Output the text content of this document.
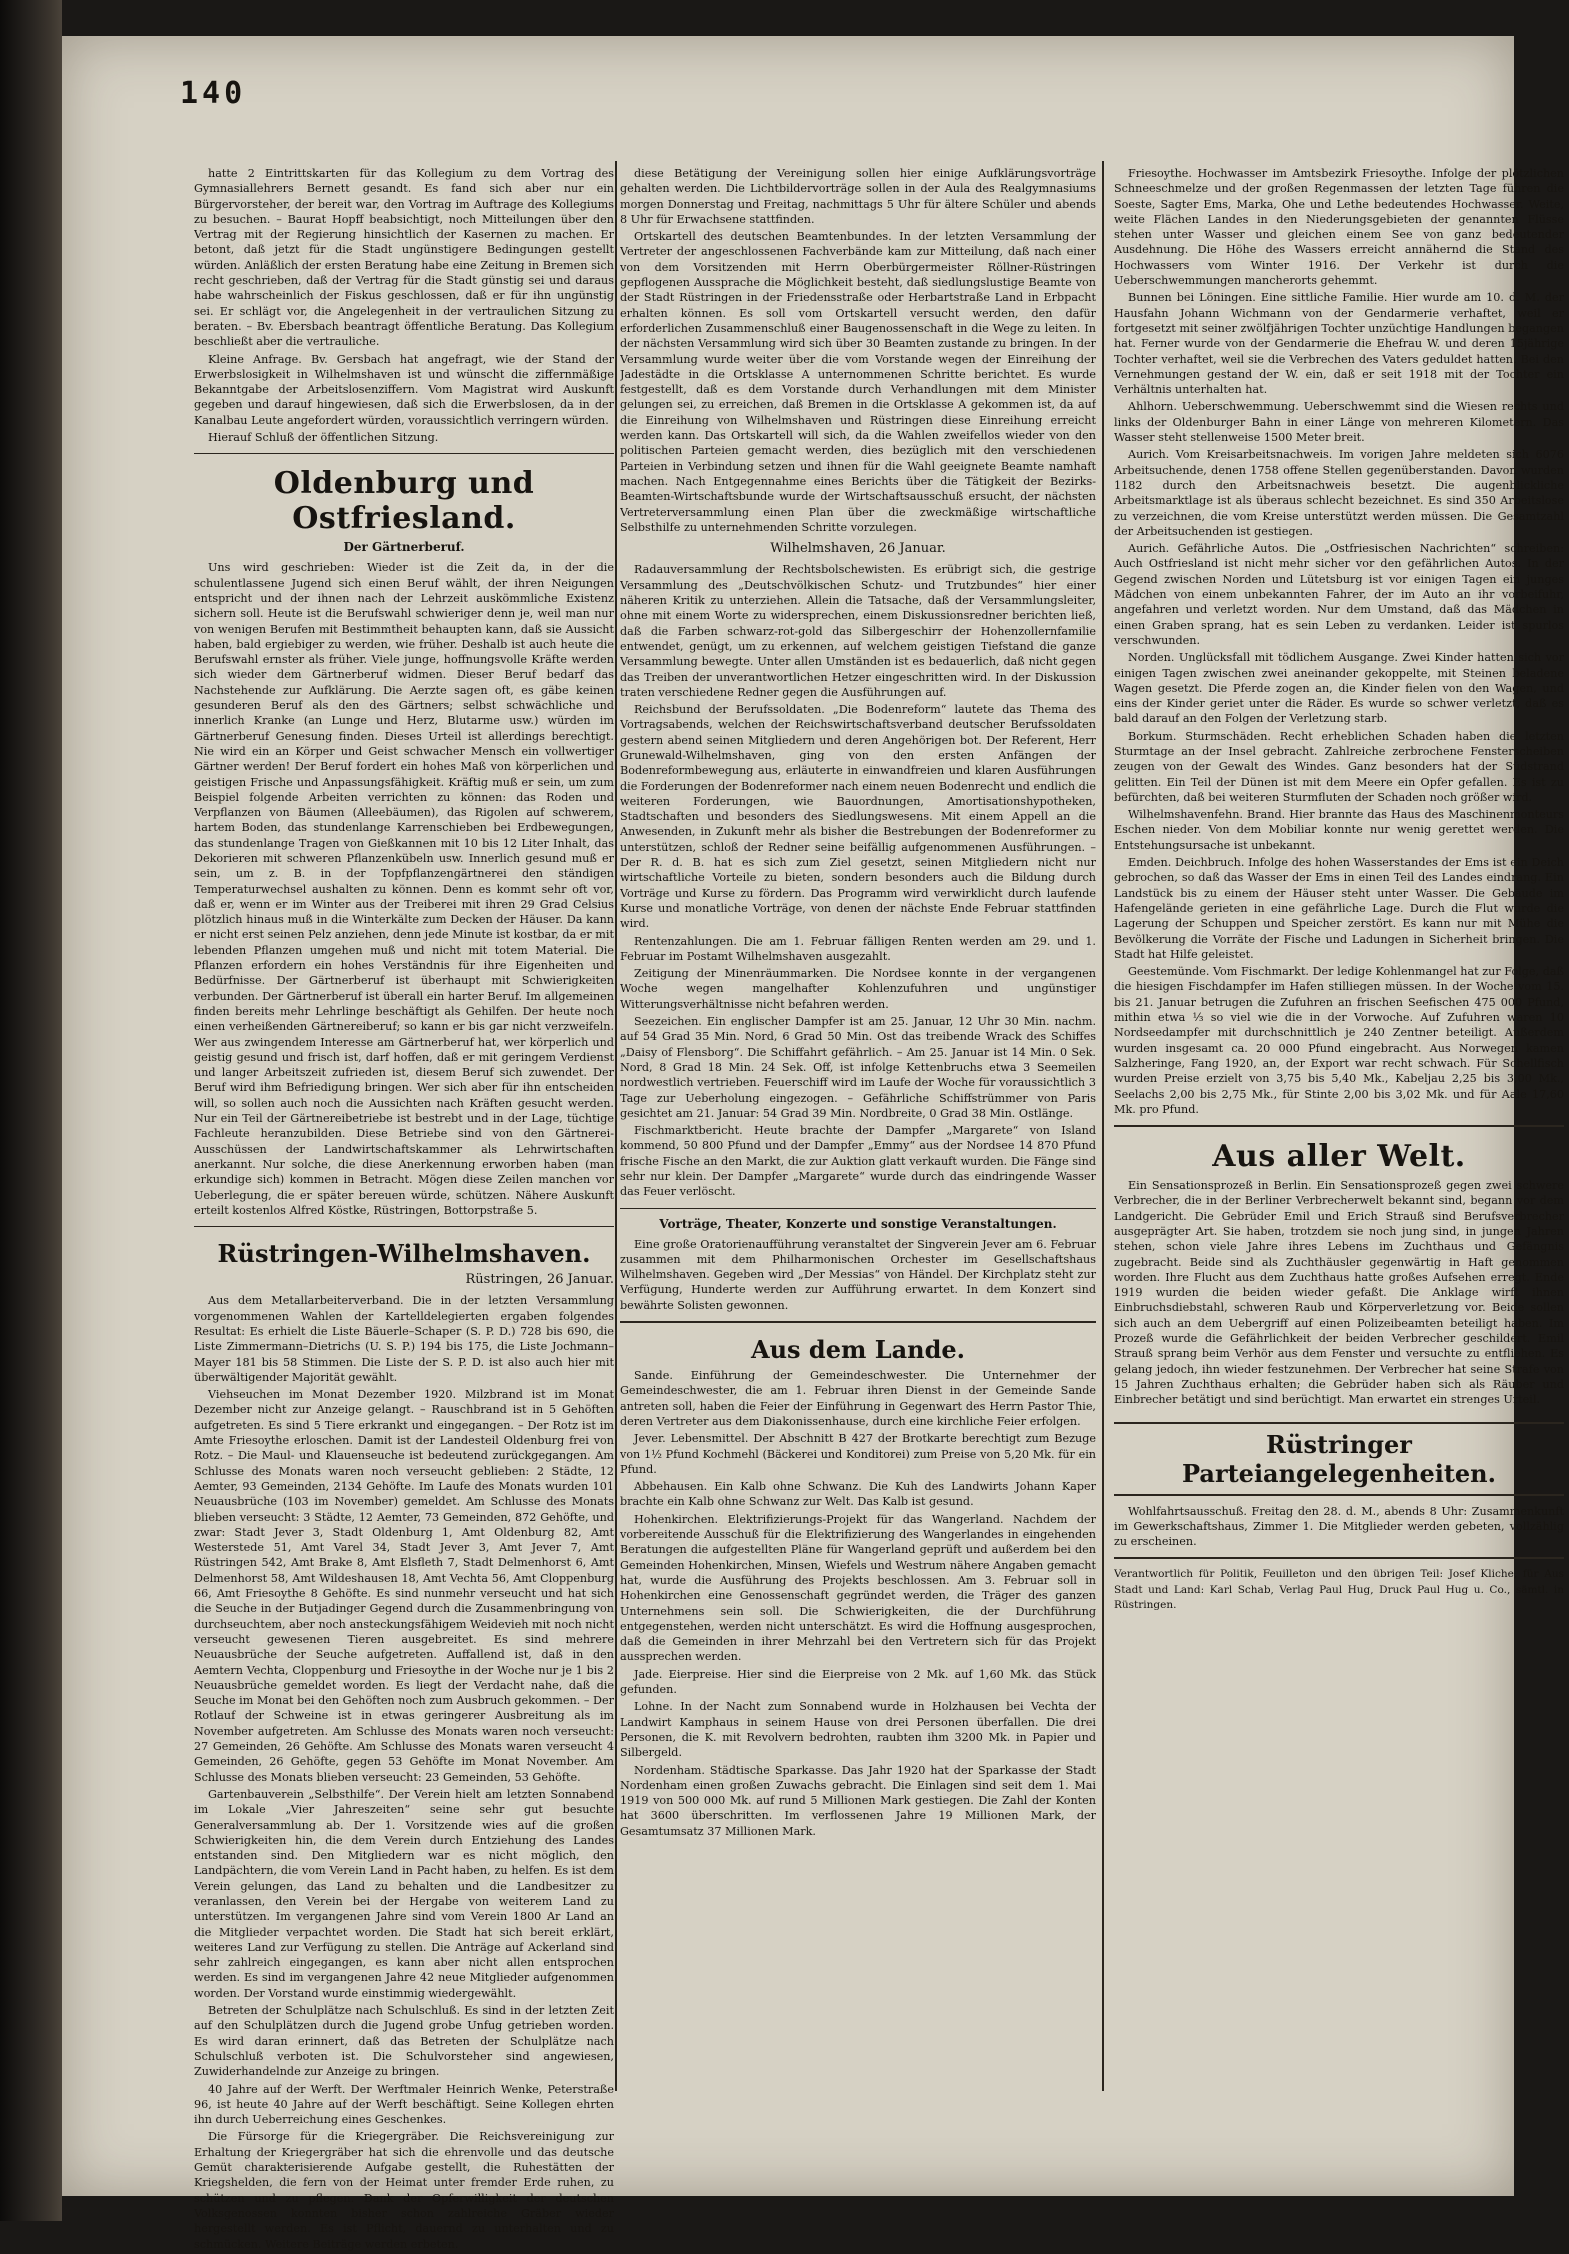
140

hatte 2 Eintrittskarten für das Kollegium zu dem Vortrag des Gymnasiallehrers Bernett gesandt. Es fand sich aber nur ein Bürgervorsteher, der bereit war, den Vortrag im Auftrage des Kollegiums zu besuchen. – Baurat Hopff beabsichtigt, noch Mitteilungen über den Vertrag mit der Regierung hinsichtlich der Kasernen zu machen. Er betont, daß jetzt für die Stadt ungünstigere Bedingungen gestellt würden. Anläßlich der ersten Beratung habe eine Zeitung in Bremen sich recht geschrieben, daß der Vertrag für die Stadt günstig sei und daraus habe wahrscheinlich der Fiskus geschlossen, daß er für ihn ungünstig sei. Er schlägt vor, die Angelegenheit in der vertraulichen Sitzung zu beraten. – Bv. Ebersbach beantragt öffentliche Beratung. Das Kollegium beschließt aber die vertrauliche.

Kleine Anfrage. Bv. Gersbach hat angefragt, wie der Stand der Erwerbslosigkeit in Wilhelmshaven ist und wünscht die ziffernmäßige Bekanntgabe der Arbeitslosenziffern. Vom Magistrat wird Auskunft gegeben und darauf hingewiesen, daß sich die Erwerbslosen, da in der Kanalbau Leute angefordert würden, voraussichtlich verringern würden.

Hierauf Schluß der öffentlichen Sitzung.

Oldenburg und Ostfriesland.
Der Gärtnerberuf.

Uns wird geschrieben: Wieder ist die Zeit da, in der die schulentlassene Jugend sich einen Beruf wählt, der ihren Neigungen entspricht und der ihnen nach der Lehrzeit auskömmliche Existenz sichern soll. Heute ist die Berufswahl schwieriger denn je, weil man nur von wenigen Berufen mit Bestimmtheit behaupten kann, daß sie Aussicht haben, bald ergiebiger zu werden, wie früher. Deshalb ist auch heute die Berufswahl ernster als früher. Viele junge, hoffnungsvolle Kräfte werden sich wieder dem Gärtnerberuf widmen. Dieser Beruf bedarf das Nachstehende zur Aufklärung. Die Aerzte sagen oft, es gäbe keinen gesunderen Beruf als den des Gärtners; selbst schwächliche und innerlich Kranke (an Lunge und Herz, Blutarme usw.) würden im Gärtnerberuf Genesung finden. Dieses Urteil ist allerdings berechtigt. Nie wird ein an Körper und Geist schwacher Mensch ein vollwertiger Gärtner werden! Der Beruf fordert ein hohes Maß von körperlichen und geistigen Frische und Anpassungsfähigkeit. Kräftig muß er sein, um zum Beispiel folgende Arbeiten verrichten zu können: das Roden und Verpflanzen von Bäumen (Alleebäumen), das Rigolen auf schwerem, hartem Boden, das stundenlange Karrenschieben bei Erdbewegungen, das stundenlange Tragen von Gießkannen mit 10 bis 12 Liter Inhalt, das Dekorieren mit schweren Pflanzenkübeln usw. Innerlich gesund muß er sein, um z. B. in der Topfpflanzengärtnerei den ständigen Temperaturwechsel aushalten zu können. Denn es kommt sehr oft vor, daß er, wenn er im Winter aus der Treiberei mit ihren 29 Grad Celsius plötzlich hinaus muß in die Winterkälte zum Decken der Häuser. Da kann er nicht erst seinen Pelz anziehen, denn jede Minute ist kostbar, da er mit lebenden Pflanzen umgehen muß und nicht mit totem Material. Die Pflanzen erfordern ein hohes Verständnis für ihre Eigenheiten und Bedürfnisse. Der Gärtnerberuf ist überhaupt mit Schwierigkeiten verbunden. Der Gärtnerberuf ist überall ein harter Beruf. Im allgemeinen finden bereits mehr Lehrlinge beschäftigt als Gehilfen. Der heute noch einen verheißenden Gärtnereiberuf; so kann er bis gar nicht verzweifeln. Wer aus zwingendem Interesse am Gärtnerberuf hat, wer körperlich und geistig gesund und frisch ist, darf hoffen, daß er mit geringem Verdienst und langer Arbeitszeit zufrieden ist, diesem Beruf sich zuwendet. Der Beruf wird ihm Befriedigung bringen. Wer sich aber für ihn entscheiden will, so sollen auch noch die Aussichten nach Kräften gesucht werden. Nur ein Teil der Gärtnereibetriebe ist bestrebt und in der Lage, tüchtige Fachleute heranzubilden. Diese Betriebe sind von den Gärtnerei-Ausschüssen der Landwirtschaftskammer als Lehrwirtschaften anerkannt. Nur solche, die diese Anerkennung erworben haben (man erkundige sich) kommen in Betracht. Mögen diese Zeilen manchen vor Ueberlegung, die er später bereuen würde, schützen. Nähere Auskunft erteilt kostenlos Alfred Köstke, Rüstringen, Bottorpstraße 5.

Rüstringen-Wilhelmshaven.
Rüstringen, 26 Januar.

Aus dem Metallarbeiterverband. Die in der letzten Versammlung vorgenommenen Wahlen der Kartelldelegierten ergaben folgendes Resultat: Es erhielt die Liste Bäuerle–Schaper (S. P. D.) 728 bis 690, die Liste Zimmermann–Dietrichs (U. S. P.) 194 bis 175, die Liste Jochmann–Mayer 181 bis 58 Stimmen. Die Liste der S. P. D. ist also auch hier mit überwältigender Majorität gewählt.

Viehseuchen im Monat Dezember 1920. Milzbrand ist im Monat Dezember nicht zur Anzeige gelangt. – Rauschbrand ist in 5 Gehöften aufgetreten. Es sind 5 Tiere erkrankt und eingegangen. – Der Rotz ist im Amte Friesoythe erloschen. Damit ist der Landesteil Oldenburg frei von Rotz. – Die Maul- und Klauenseuche ist bedeutend zurückgegangen. Am Schlusse des Monats waren noch verseucht geblieben: 2 Städte, 12 Aemter, 93 Gemeinden, 2134 Gehöfte. Im Laufe des Monats wurden 101 Neuausbrüche (103 im November) gemeldet. Am Schlusse des Monats blieben verseucht: 3 Städte, 12 Aemter, 73 Gemeinden, 872 Gehöfte, und zwar: Stadt Jever 3, Stadt Oldenburg 1, Amt Oldenburg 82, Amt Westerstede 51, Amt Varel 34, Stadt Jever 3, Amt Jever 7, Amt Rüstringen 542, Amt Brake 8, Amt Elsfleth 7, Stadt Delmenhorst 6, Amt Delmenhorst 58, Amt Wildeshausen 18, Amt Vechta 56, Amt Cloppenburg 66, Amt Friesoythe 8 Gehöfte. Es sind nunmehr verseucht und hat sich die Seuche in der Butjadinger Gegend durch die Zusammenbringung von durchseuchtem, aber noch ansteckungsfähigem Weidevieh mit noch nicht verseucht gewesenen Tieren ausgebreitet. Es sind mehrere Neuausbrüche der Seuche aufgetreten. Auffallend ist, daß in den Aemtern Vechta, Cloppenburg und Friesoythe in der Woche nur je 1 bis 2 Neuausbrüche gemeldet worden. Es liegt der Verdacht nahe, daß die Seuche im Monat bei den Gehöften noch zum Ausbruch gekommen. – Der Rotlauf der Schweine ist in etwas geringerer Ausbreitung als im November aufgetreten. Am Schlusse des Monats waren noch verseucht: 27 Gemeinden, 26 Gehöfte. Am Schlusse des Monats waren verseucht 4 Gemeinden, 26 Gehöfte, gegen 53 Gehöfte im Monat November. Am Schlusse des Monats blieben verseucht: 23 Gemeinden, 53 Gehöfte.

Gartenbauverein „Selbsthilfe“. Der Verein hielt am letzten Sonnabend im Lokale „Vier Jahreszeiten“ seine sehr gut besuchte Generalversammlung ab. Der 1. Vorsitzende wies auf die großen Schwierigkeiten hin, die dem Verein durch Entziehung des Landes entstanden sind. Den Mitgliedern war es nicht möglich, den Landpächtern, die vom Verein Land in Pacht haben, zu helfen. Es ist dem Verein gelungen, das Land zu behalten und die Landbesitzer zu veranlassen, den Verein bei der Hergabe von weiterem Land zu unterstützen. Im vergangenen Jahre sind vom Verein 1800 Ar Land an die Mitglieder verpachtet worden. Die Stadt hat sich bereit erklärt, weiteres Land zur Verfügung zu stellen. Die Anträge auf Ackerland sind sehr zahlreich eingegangen, es kann aber nicht allen entsprochen werden. Es sind im vergangenen Jahre 42 neue Mitglieder aufgenommen worden. Der Vorstand wurde einstimmig wiedergewählt.

Betreten der Schulplätze nach Schulschluß. Es sind in der letzten Zeit auf den Schulplätzen durch die Jugend grobe Unfug getrieben worden. Es wird daran erinnert, daß das Betreten der Schulplätze nach Schulschluß verboten ist. Die Schulvorsteher sind angewiesen, Zuwiderhandelnde zur Anzeige zu bringen.

40 Jahre auf der Werft. Der Werftmaler Heinrich Wenke, Peterstraße 96, ist heute 40 Jahre auf der Werft beschäftigt. Seine Kollegen ehrten ihn durch Ueberreichung eines Geschenkes.

Die Fürsorge für die Kriegergräber. Die Reichsvereinigung zur Erhaltung der Kriegergräber hat sich die ehrenvolle und das deutsche Gemüt charakterisierende Aufgabe gestellt, die Ruhestätten der Kriegshelden, die fern von der Heimat unter fremder Erde ruhen, zu schützen und zu pflegen. Dank der Opferwilligkeit der deutschen Volksgenossen konnten bisher schon zahlreiche Gräber wieder hergestellt werden. Es ist Pflicht, dauernd zu unterhalten und zu schmücken. Weitere Beiträge werden erbeten.

diese Betätigung der Vereinigung sollen hier einige Aufklärungsvorträge gehalten werden. Die Lichtbildervorträge sollen in der Aula des Realgymnasiums morgen Donnerstag und Freitag, nachmittags 5 Uhr für ältere Schüler und abends 8 Uhr für Erwachsene stattfinden.

Ortskartell des deutschen Beamtenbundes. In der letzten Versammlung der Vertreter der angeschlossenen Fachverbände kam zur Mitteilung, daß nach einer von dem Vorsitzenden mit Herrn Oberbürgermeister Röllner-Rüstringen gepflogenen Aussprache die Möglichkeit besteht, daß siedlungslustige Beamte von der Stadt Rüstringen in der Friedensstraße oder Herbartstraße Land in Erbpacht erhalten können. Es soll vom Ortskartell versucht werden, den dafür erforderlichen Zusammenschluß einer Baugenossenschaft in die Wege zu leiten. In der nächsten Versammlung wird sich über 30 Beamten zustande zu bringen. In der Versammlung wurde weiter über die vom Vorstande wegen der Einreihung der Jadestädte in die Ortsklasse A unternommenen Schritte berichtet. Es wurde festgestellt, daß es dem Vorstande durch Verhandlungen mit dem Minister gelungen sei, zu erreichen, daß Bremen in die Ortsklasse A gekommen ist, da auf die Einreihung von Wilhelmshaven und Rüstringen diese Einreihung erreicht werden kann. Das Ortskartell will sich, da die Wahlen zweifellos wieder von den politischen Parteien gemacht werden, dies bezüglich mit den verschiedenen Parteien in Verbindung setzen und ihnen für die Wahl geeignete Beamte namhaft machen. Nach Entgegennahme eines Berichts über die Tätigkeit der Bezirks-Beamten-Wirtschaftsbunde wurde der Wirtschaftsausschuß ersucht, der nächsten Vertreterversammlung einen Plan über die zweckmäßige wirtschaftliche Selbsthilfe zu unternehmenden Schritte vorzulegen.

Wilhelmshaven, 26 Januar.

Radauversammlung der Rechtsbolschewisten. Es erübrigt sich, die gestrige Versammlung des „Deutschvölkischen Schutz- und Trutzbundes“ hier einer näheren Kritik zu unterziehen. Allein die Tatsache, daß der Versammlungsleiter, ohne mit einem Worte zu widersprechen, einem Diskussionsredner berichten ließ, daß die Farben schwarz-rot-gold das Silbergeschirr der Hohenzollernfamilie entwendet, genügt, um zu erkennen, auf welchem geistigen Tiefstand die ganze Versammlung bewegte. Unter allen Umständen ist es bedauerlich, daß nicht gegen das Treiben der unverantwortlichen Hetzer eingeschritten wird. In der Diskussion traten verschiedene Redner gegen die Ausführungen auf.

Reichsbund der Berufssoldaten. „Die Bodenreform“ lautete das Thema des Vortragsabends, welchen der Reichswirtschaftsverband deutscher Berufssoldaten gestern abend seinen Mitgliedern und deren Angehörigen bot. Der Referent, Herr Grunewald-Wilhelmshaven, ging von den ersten Anfängen der Bodenreformbewegung aus, erläuterte in einwandfreien und klaren Ausführungen die Forderungen der Bodenreformer nach einem neuen Bodenrecht und endlich die weiteren Forderungen, wie Bauordnungen, Amortisationshypotheken, Stadtschaften und besonders des Siedlungswesens. Mit einem Appell an die Anwesenden, in Zukunft mehr als bisher die Bestrebungen der Bodenreformer zu unterstützen, schloß der Redner seine beifällig aufgenommenen Ausführungen. – Der R. d. B. hat es sich zum Ziel gesetzt, seinen Mitgliedern nicht nur wirtschaftliche Vorteile zu bieten, sondern besonders auch die Bildung durch Vorträge und Kurse zu fördern. Das Programm wird verwirklicht durch laufende Kurse und monatliche Vorträge, von denen der nächste Ende Februar stattfinden wird.

Rentenzahlungen. Die am 1. Februar fälligen Renten werden am 29. und 1. Februar im Postamt Wilhelmshaven ausgezahlt.

Zeitigung der Minenräummarken. Die Nordsee konnte in der vergangenen Woche wegen mangelhafter Kohlenzufuhren und ungünstiger Witterungsverhältnisse nicht befahren werden.

Seezeichen. Ein englischer Dampfer ist am 25. Januar, 12 Uhr 30 Min. nachm. auf 54 Grad 35 Min. Nord, 6 Grad 50 Min. Ost das treibende Wrack des Schiffes „Daisy of Flensborg“. Die Schiffahrt gefährlich. – Am 25. Januar ist 14 Min. 0 Sek. Nord, 8 Grad 18 Min. 24 Sek. Off, ist infolge Kettenbruchs etwa 3 Seemeilen nordwestlich vertrieben. Feuerschiff wird im Laufe der Woche für voraussichtlich 3 Tage zur Ueberholung eingezogen. – Gefährliche Schiffstrümmer von Paris gesichtet am 21. Januar: 54 Grad 39 Min. Nordbreite, 0 Grad 38 Min. Ostlänge.

Fischmarktbericht. Heute brachte der Dampfer „Margarete“ von Island kommend, 50 800 Pfund und der Dampfer „Emmy“ aus der Nordsee 14 870 Pfund frische Fische an den Markt, die zur Auktion glatt verkauft wurden. Die Fänge sind sehr nur klein. Der Dampfer „Margarete“ wurde durch das eindringende Wasser das Feuer verlöscht.

Vorträge, Theater, Konzerte und sonstige Veranstaltungen.

Eine große Oratorienaufführung veranstaltet der Singverein Jever am 6. Februar zusammen mit dem Philharmonischen Orchester im Gesellschaftshaus Wilhelmshaven. Gegeben wird „Der Messias“ von Händel. Der Kirchplatz steht zur Verfügung, Hunderte werden zur Aufführung erwartet. In dem Konzert sind bewährte Solisten gewonnen.

Aus dem Lande.

Sande. Einführung der Gemeindeschwester. Die Unternehmer der Gemeindeschwester, die am 1. Februar ihren Dienst in der Gemeinde Sande antreten soll, haben die Feier der Einführung in Gegenwart des Herrn Pastor Thie, deren Vertreter aus dem Diakonissenhause, durch eine kirchliche Feier erfolgen.

Jever. Lebensmittel. Der Abschnitt B 427 der Brotkarte berechtigt zum Bezuge von 1½ Pfund Kochmehl (Bäckerei und Konditorei) zum Preise von 5,20 Mk. für ein Pfund.

Abbehausen. Ein Kalb ohne Schwanz. Die Kuh des Landwirts Johann Kaper brachte ein Kalb ohne Schwanz zur Welt. Das Kalb ist gesund.

Hohenkirchen. Elektrifizierungs-Projekt für das Wangerland. Nachdem der vorbereitende Ausschuß für die Elektrifizierung des Wangerlandes in eingehenden Beratungen die aufgestellten Pläne für Wangerland geprüft und außerdem bei den Gemeinden Hohenkirchen, Minsen, Wiefels und Westrum nähere Angaben gemacht hat, wurde die Ausführung des Projekts beschlossen. Am 3. Februar soll in Hohenkirchen eine Genossenschaft gegründet werden, die Träger des ganzen Unternehmens sein soll. Die Schwierigkeiten, die der Durchführung entgegenstehen, werden nicht unterschätzt. Es wird die Hoffnung ausgesprochen, daß die Gemeinden in ihrer Mehrzahl bei den Vertretern sich für das Projekt aussprechen werden.

Jade. Eierpreise. Hier sind die Eierpreise von 2 Mk. auf 1,60 Mk. das Stück gefunden.

Lohne. In der Nacht zum Sonnabend wurde in Holzhausen bei Vechta der Landwirt Kamphaus in seinem Hause von drei Personen überfallen. Die drei Personen, die K. mit Revolvern bedrohten, raubten ihm 3200 Mk. in Papier und Silbergeld.

Nordenham. Städtische Sparkasse. Das Jahr 1920 hat der Sparkasse der Stadt Nordenham einen großen Zuwachs gebracht. Die Einlagen sind seit dem 1. Mai 1919 von 500 000 Mk. auf rund 5 Millionen Mark gestiegen. Die Zahl der Konten hat 3600 überschritten. Im verflossenen Jahre 19 Millionen Mark, der Gesamtumsatz 37 Millionen Mark.

Friesoythe. Hochwasser im Amtsbezirk Friesoythe. Infolge der plötzlichen Schneeschmelze und der großen Regenmassen der letzten Tage führen die Soeste, Sagter Ems, Marka, Ohe und Lethe bedeutendes Hochwasser. Weite, weite Flächen Landes in den Niederungsgebieten der genannten Flüsse stehen unter Wasser und gleichen einem See von ganz bedeutender Ausdehnung. Die Höhe des Wassers erreicht annähernd die Stand des Hochwassers vom Winter 1916. Der Verkehr ist durch die Ueberschwemmungen mancherorts gehemmt.

Bunnen bei Löningen. Eine sittliche Familie. Hier wurde am 10. d. M. der Hausfahn Johann Wichmann von der Gendarmerie verhaftet, weil er fortgesetzt mit seiner zwölfjährigen Tochter unzüchtige Handlungen begangen hat. Ferner wurde von der Gendarmerie die Ehefrau W. und deren 15jährige Tochter verhaftet, weil sie die Verbrechen des Vaters geduldet hatten. Bei den Vernehmungen gestand der W. ein, daß er seit 1918 mit der Tochter ein Verhältnis unterhalten hat.

Ahlhorn. Ueberschwemmung. Ueberschwemmt sind die Wiesen rechts und links der Oldenburger Bahn in einer Länge von mehreren Kilometern. Das Wasser steht stellenweise 1500 Meter breit.

Aurich. Vom Kreisarbeitsnachweis. Im vorigen Jahre meldeten sich 6076 Arbeitsuchende, denen 1758 offene Stellen gegenüberstanden. Davon wurden 1182 durch den Arbeitsnachweis besetzt. Die augenblickliche Arbeitsmarktlage ist als überaus schlecht bezeichnet. Es sind 350 Arbeitslose zu verzeichnen, die vom Kreise unterstützt werden müssen. Die Gesamtzahl der Arbeitsuchenden ist gestiegen.

Aurich. Gefährliche Autos. Die „Ostfriesischen Nachrichten“ schreiben: Auch Ostfriesland ist nicht mehr sicher vor den gefährlichen Autos. In der Gegend zwischen Norden und Lütetsburg ist vor einigen Tagen ein junges Mädchen von einem unbekannten Fahrer, der im Auto an ihr vorbeifuhr, angefahren und verletzt worden. Nur dem Umstand, daß das Mädchen in einen Graben sprang, hat es sein Leben zu verdanken. Leider ist spurlos verschwunden.

Norden. Unglücksfall mit tödlichem Ausgange. Zwei Kinder hatten sich vor einigen Tagen zwischen zwei aneinander gekoppelte, mit Steinen beladene Wagen gesetzt. Die Pferde zogen an, die Kinder fielen von den Wagen, und eins der Kinder geriet unter die Räder. Es wurde so schwer verletzt, daß es bald darauf an den Folgen der Verletzung starb.

Borkum. Sturmschäden. Recht erheblichen Schaden haben die letzten Sturmtage an der Insel gebracht. Zahlreiche zerbrochene Fensterscheiben zeugen von der Gewalt des Windes. Ganz besonders hat der Südstrand gelitten. Ein Teil der Dünen ist mit dem Meere ein Opfer gefallen. Es ist zu befürchten, daß bei weiteren Sturmfluten der Schaden noch größer wird.

Wilhelmshavenfehn. Brand. Hier brannte das Haus des Maschinenmonteurs Eschen nieder. Von dem Mobiliar konnte nur wenig gerettet werden. Die Entstehungsursache ist unbekannt.

Emden. Deichbruch. Infolge des hohen Wasserstandes der Ems ist ein Deich gebrochen, so daß das Wasser der Ems in einen Teil des Landes eindrang. Ein Landstück bis zu einem der Häuser steht unter Wasser. Die Gebäude im Hafengelände gerieten in eine gefährliche Lage. Durch die Flut wurde die Lagerung der Schuppen und Speicher zerstört. Es kann nur mit Mühe die Bevölkerung die Vorräte der Fische und Ladungen in Sicherheit bringen. Die Stadt hat Hilfe geleistet.

Geestemünde. Vom Fischmarkt. Der ledige Kohlenmangel hat zur Folge, daß die hiesigen Fischdampfer im Hafen stilliegen müssen. In der Woche vom 15. bis 21. Januar betrugen die Zufuhren an frischen Seefischen 475 000 Pfund, mithin etwa ⅓ so viel wie die in der Vorwoche. Auf Zufuhren waren 10 Nordseedampfer mit durchschnittlich je 240 Zentner beteiligt. Außerdem wurden insgesamt ca. 20 000 Pfund eingebracht. Aus Norwegen kamen Salzheringe, Fang 1920, an, der Export war recht schwach. Für Schellfisch wurden Preise erzielt von 3,75 bis 5,40 Mk., Kabeljau 2,25 bis 3,00 Mk., Seelachs 2,00 bis 2,75 Mk., für Stinte 2,00 bis 3,02 Mk. und für Aale 17,60 Mk. pro Pfund.

Aus aller Welt.

Ein Sensationsprozeß in Berlin. Ein Sensationsprozeß gegen zwei schwere Verbrecher, die in der Berliner Verbrecherwelt bekannt sind, begann vor dem Landgericht. Die Gebrüder Emil und Erich Strauß sind Berufsverbrecher ausgeprägter Art. Sie haben, trotzdem sie noch jung sind, in jungen Jahren stehen, schon viele Jahre ihres Lebens im Zuchthaus und Gefängnis zugebracht. Beide sind als Zuchthäusler gegenwärtig in Haft genommen worden. Ihre Flucht aus dem Zuchthaus hatte großes Aufsehen erregt. Ende 1919 wurden die beiden wieder gefaßt. Die Anklage wirft ihnen Einbruchsdiebstahl, schweren Raub und Körperverletzung vor. Beide sollen sich auch an dem Uebergriff auf einen Polizeibeamten beteiligt haben. Im Prozeß wurde die Gefährlichkeit der beiden Verbrecher geschildert. Emil Strauß sprang beim Verhör aus dem Fenster und versuchte zu entfliehen. Es gelang jedoch, ihn wieder festzunehmen. Der Verbrecher hat seine Strafe von 15 Jahren Zuchthaus erhalten; die Gebrüder haben sich als Räuber und Einbrecher betätigt und sind berüchtigt. Man erwartet ein strenges Urteil.

Rüstringer Parteiangelegenheiten.

Wohlfahrtsausschuß. Freitag den 28. d. M., abends 8 Uhr: Zusammenkunft im Gewerkschaftshaus, Zimmer 1. Die Mitglieder werden gebeten, vollzählig zu erscheinen.

Verantwortlich für Politik, Feuilleton und den übrigen Teil: Josef Kliche, für Aus Stadt und Land: Karl Schab, Verlag Paul Hug, Druck Paul Hug u. Co., sämtl. in Rüstringen.
